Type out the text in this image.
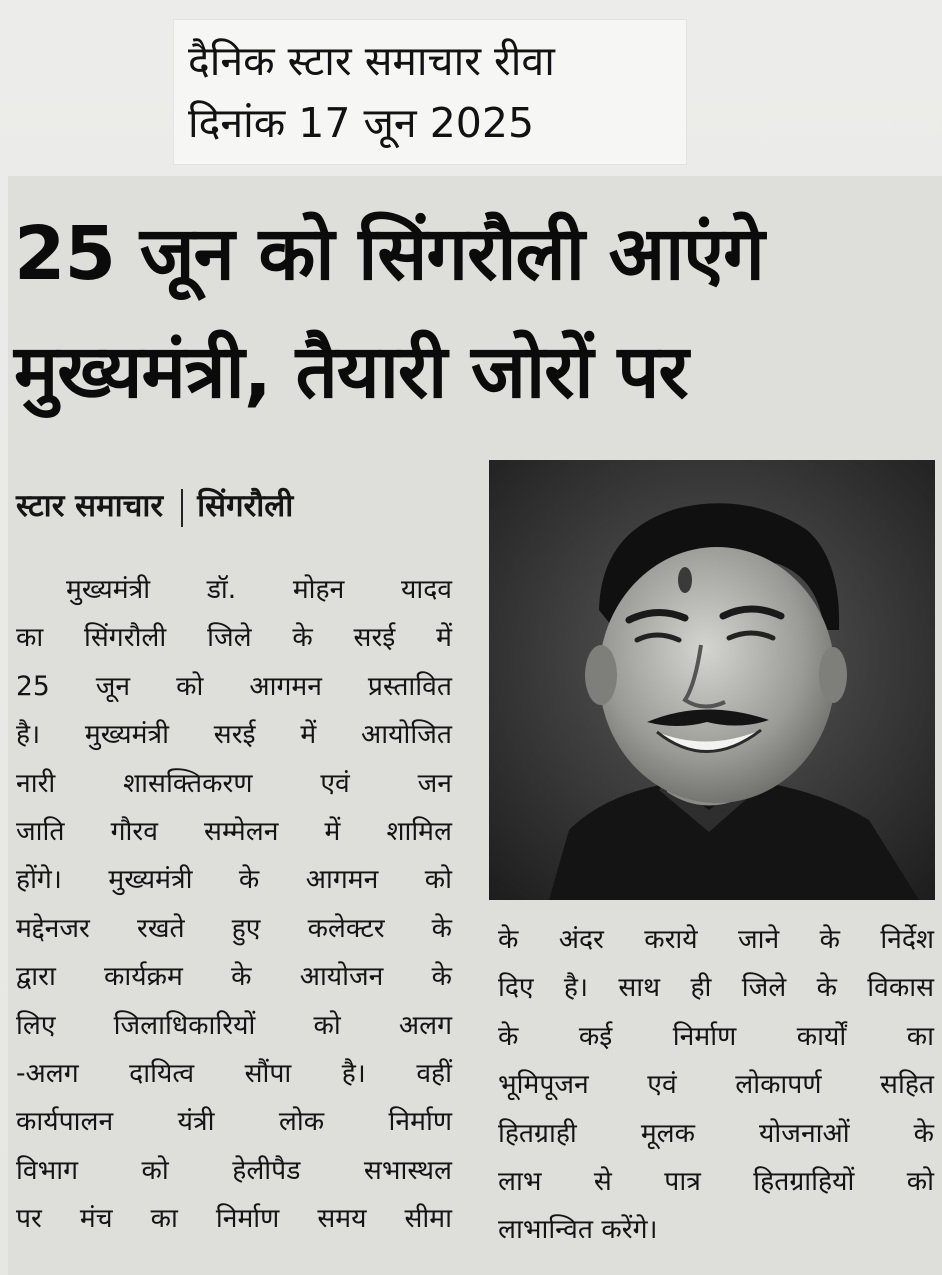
दैनिक स्टार समाचार रीवा
दिनांक 17 जून 2025
25 जून को सिंगरौली आएंगे
मुख्यमंत्री, तैयारी जोरों पर
स्टार समाचार सिंगरौली
मुख्यमंत्री डॉ. मोहन यादव
का सिंगरौली जिले के सरई में
25 जून को आगमन प्रस्तावित
है। मुख्यमंत्री सरई में आयोजित
नारी शासक्तिकरण एवं जन
जाति गौरव सम्मेलन में शामिल
होंगे। मुख्यमंत्री के आगमन को
मद्देनजर रखते हुए कलेक्टर के
द्वारा कार्यक्रम के आयोजन के
लिए जिलाधिकारियों को अलग
-अलग दायित्व सौंपा है। वहीं
कार्यपालन यंत्री लोक निर्माण
विभाग को हेलीपैड सभास्थल
पर मंच का निर्माण समय सीमा
के अंदर कराये जाने के निर्देश
दिए है। साथ ही जिले के विकास
के कई निर्माण कार्यों का
भूमिपूजन एवं लोकापर्ण सहित
हितग्राही मूलक योजनाओं के
लाभ से पात्र हितग्राहियों को
लाभान्वित करेंगे।
